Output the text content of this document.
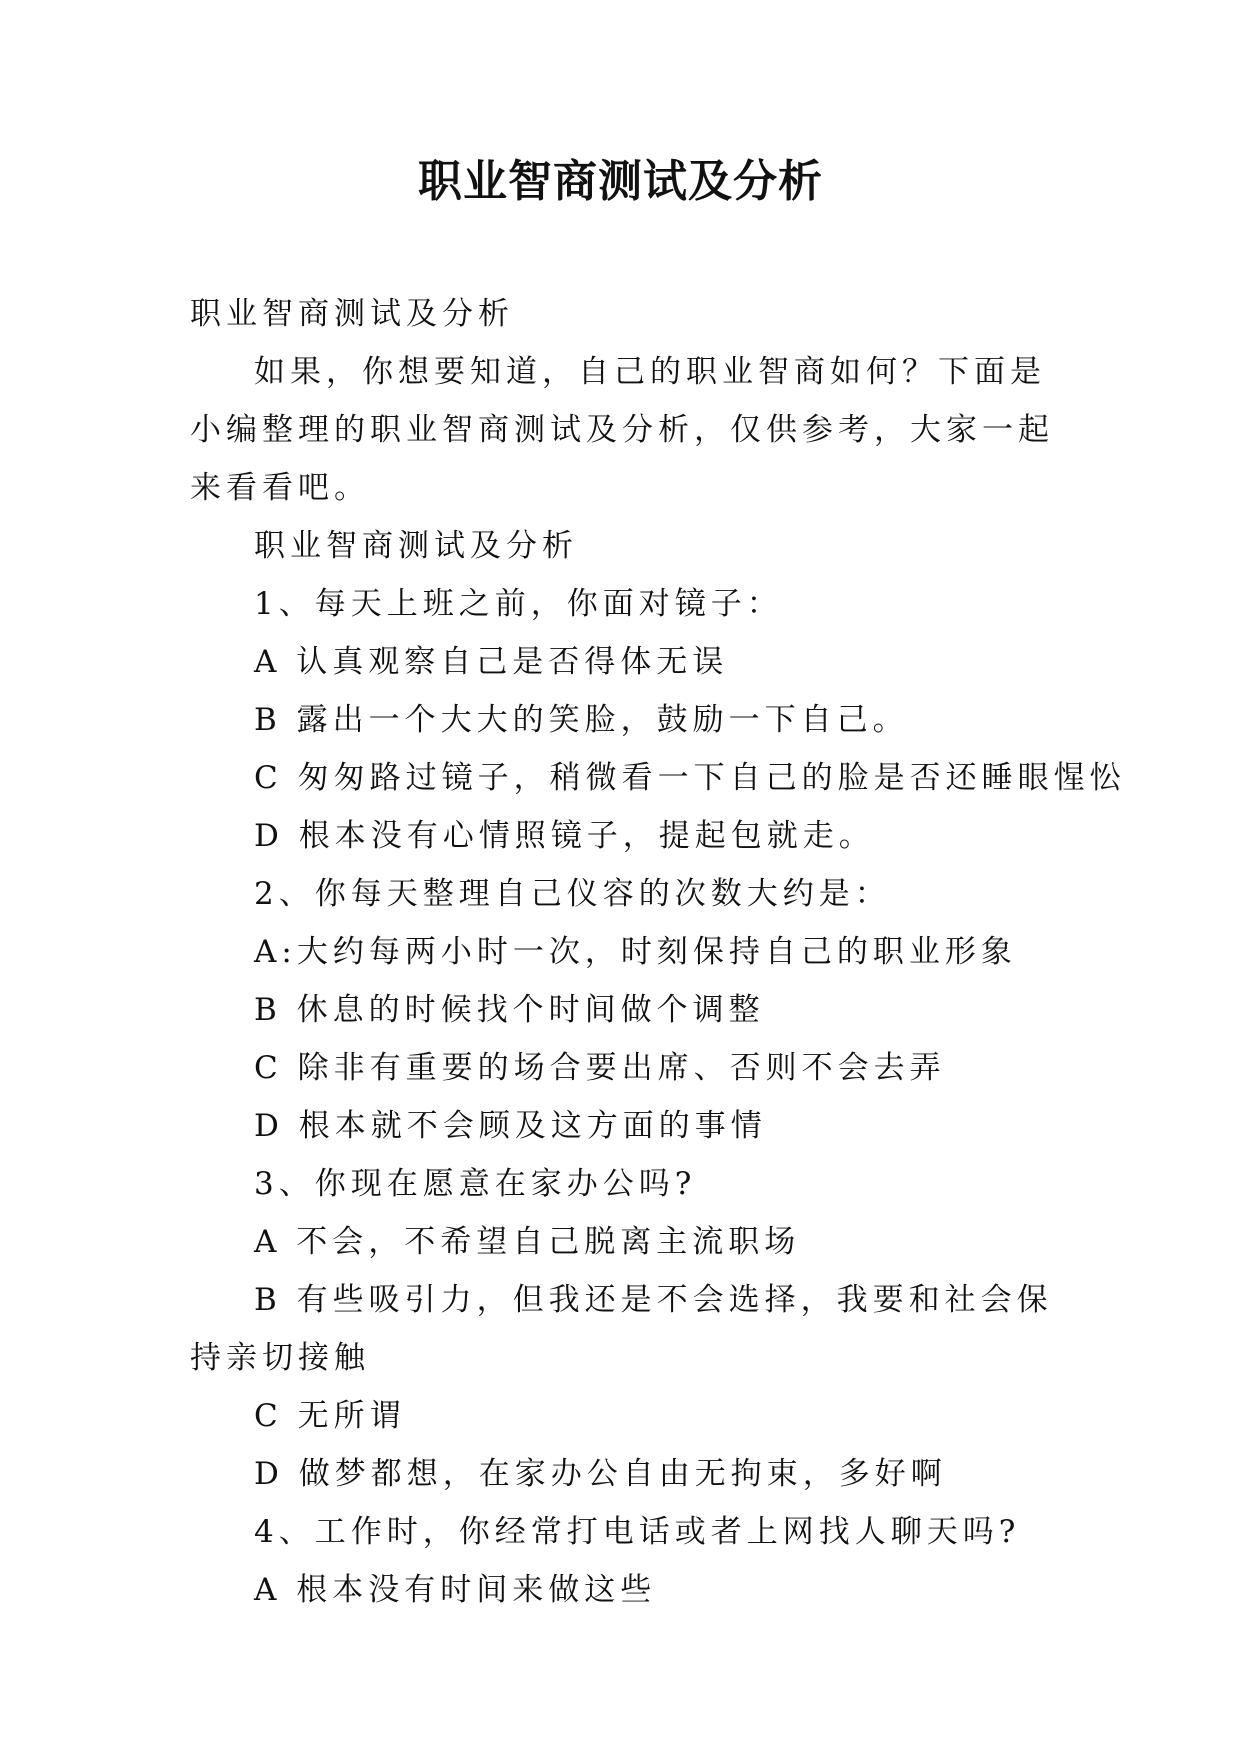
职业智商测试及分析
职业智商测试及分析
如果，你想要知道，自己的职业智商如何？下面是小编整理的职业智商测试及分析，仅供参考，大家一起来看看吧。
职业智商测试及分析
1、每天上班之前，你面对镜子：
A 认真观察自己是否得体无误
B 露出一个大大的笑脸，鼓励一下自己。
C 匆匆路过镜子，稍微看一下自己的脸是否还睡眼惺忪
D 根本没有心情照镜子，提起包就走。
2、你每天整理自己仪容的次数大约是：
A:大约每两小时一次，时刻保持自己的职业形象
B 休息的时候找个时间做个调整
C 除非有重要的场合要出席、否则不会去弄
D 根本就不会顾及这方面的事情
3、你现在愿意在家办公吗?
A 不会，不希望自己脱离主流职场
B 有些吸引力，但我还是不会选择，我要和社会保持亲切接触
C 无所谓
D 做梦都想，在家办公自由无拘束，多好啊
4、工作时，你经常打电话或者上网找人聊天吗?
A 根本没有时间来做这些
